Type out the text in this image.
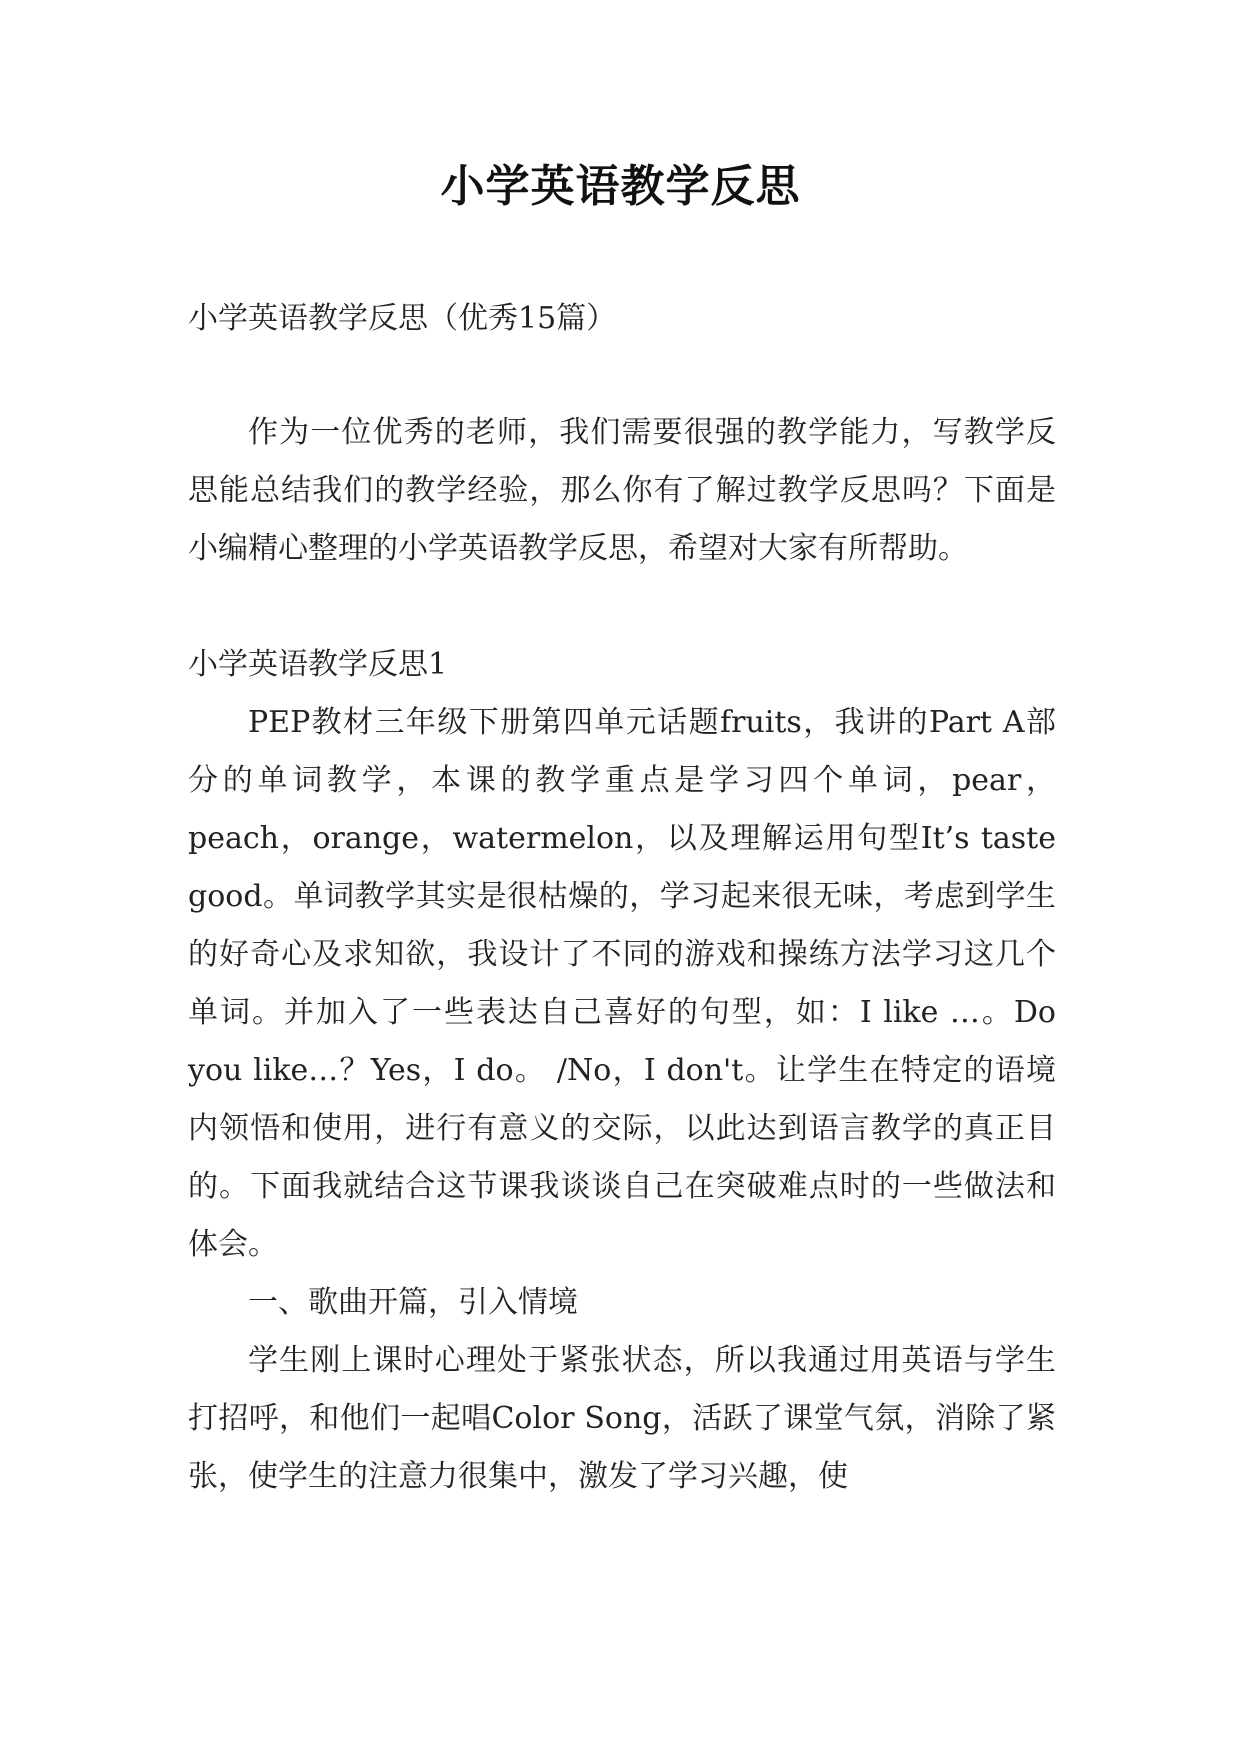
小学英语教学反思

小学英语教学反思（优秀15篇）

作为一位优秀的老师，我们需要很强的教学能力，写教学反思能总结我们的教学经验，那么你有了解过教学反思吗？下面是小编精心整理的小学英语教学反思，希望对大家有所帮助。

小学英语教学反思1

PEP教材三年级下册第四单元话题fruits，我讲的Part A部分的单词教学，本课的教学重点是学习四个单词，pear，peach，orange，watermelon，以及理解运用句型It’s taste good。单词教学其实是很枯燥的，学习起来很无味，考虑到学生的好奇心及求知欲，我设计了不同的游戏和操练方法学习这几个单词。并加入了一些表达自己喜好的句型，如：I like …。Do you like…？Yes，I do。 /No，I don't。让学生在特定的语境内领悟和使用，进行有意义的交际，以此达到语言教学的真正目的。下面我就结合这节课我谈谈自己在突破难点时的一些做法和体会。

一、歌曲开篇，引入情境

学生刚上课时心理处于紧张状态，所以我通过用英语与学生打招呼，和他们一起唱Color Song，活跃了课堂气氛，消除了紧张，使学生的注意力很集中，激发了学习兴趣，使
